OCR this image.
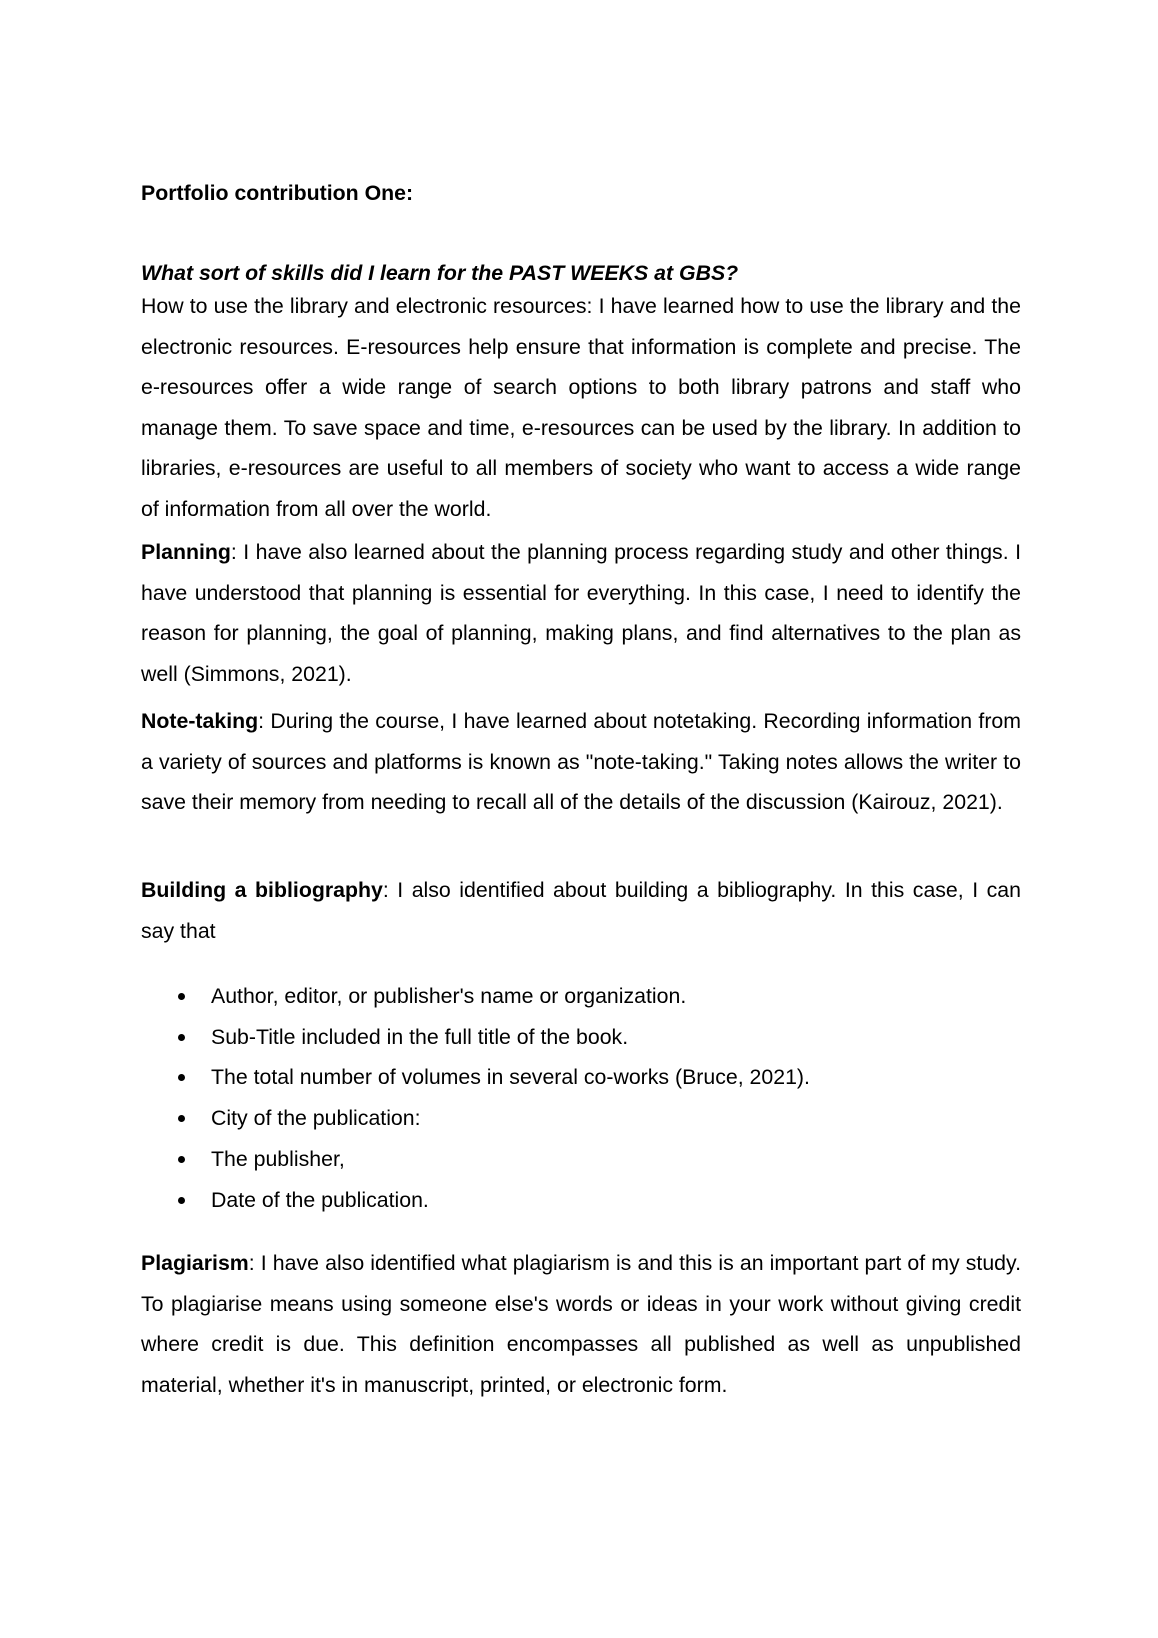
Portfolio contribution One:

What sort of skills did I learn for the PAST WEEKS at GBS?

How to use the library and electronic resources: I have learned how to use the library and the electronic resources. E-resources help ensure that information is complete and precise. The e-resources offer a wide range of search options to both library patrons and staff who manage them. To save space and time, e-resources can be used by the library. In addition to libraries, e-resources are useful to all members of society who want to access a wide range of information from all over the world.

Planning: I have also learned about the planning process regarding study and other things. I have understood that planning is essential for everything. In this case, I need to identify the reason for planning, the goal of planning, making plans, and find alternatives to the plan as well (Simmons, 2021).

Note-taking: During the course, I have learned about notetaking. Recording information from a variety of sources and platforms is known as "note-taking." Taking notes allows the writer to save their memory from needing to recall all of the details of the discussion (Kairouz, 2021).

Building a bibliography: I also identified about building a bibliography. In this case, I can say that

Author, editor, or publisher's name or organization.
Sub-Title included in the full title of the book.
The total number of volumes in several co-works (Bruce, 2021).
City of the publication:
The publisher,
Date of the publication.

Plagiarism: I have also identified what plagiarism is and this is an important part of my study. To plagiarise means using someone else's words or ideas in your work without giving credit where credit is due. This definition encompasses all published as well as unpublished material, whether it's in manuscript, printed, or electronic form.
